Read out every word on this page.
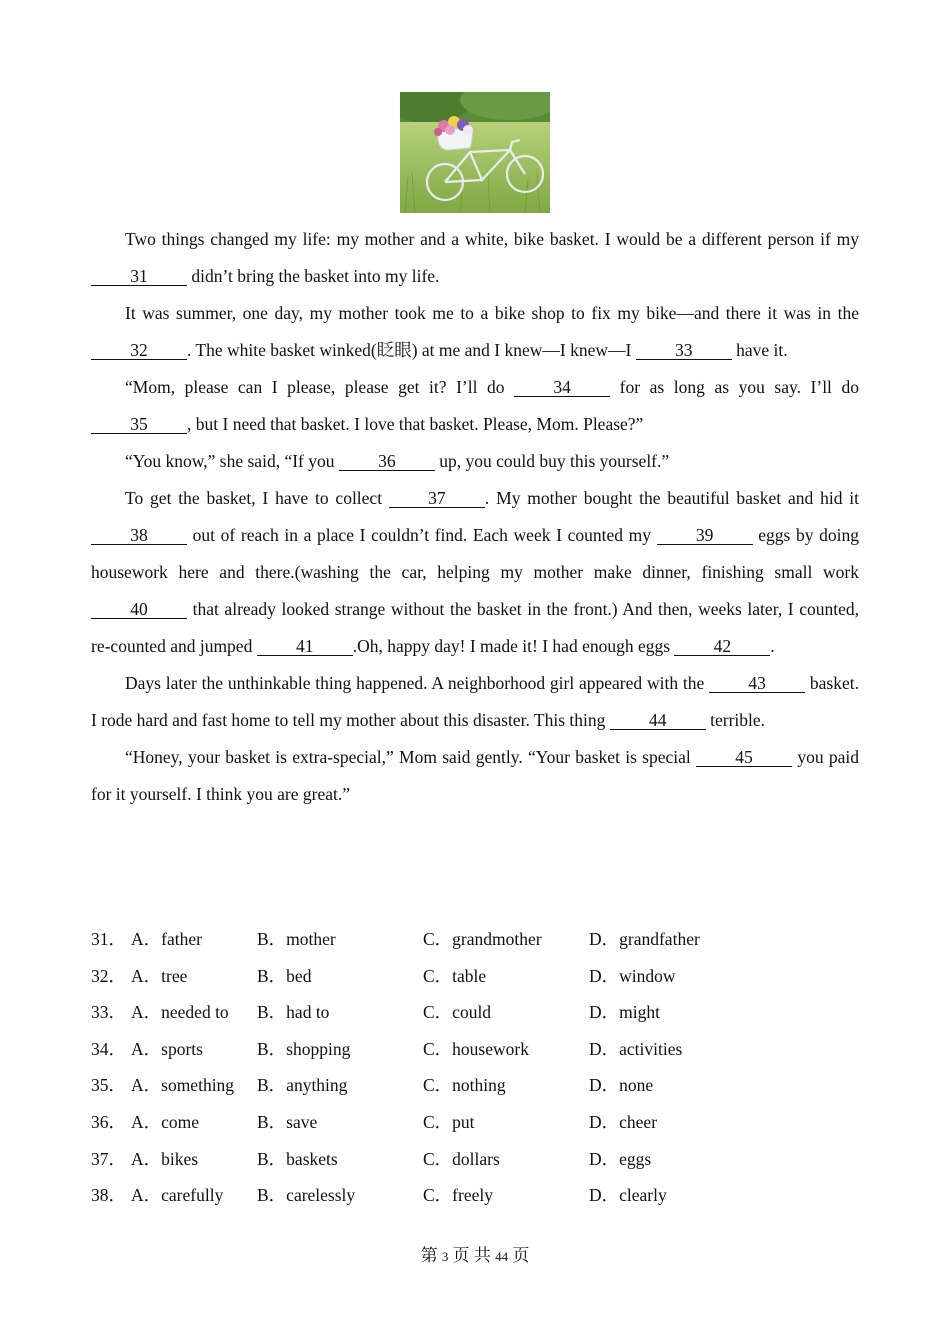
Two things changed my life: my mother and a white, bike basket. I would be a different person if my 31 didn’t bring the basket into my life.

It was summer, one day, my mother took me to a bike shop to fix my bike—and there it was in the 32 . The white basket winked(眨眼) at me and I knew—I knew—I 33 have it.

“Mom, please can I please, please get it? I’ll do 34 for as long as you say. I’ll do35 , but I need that basket. I love that basket. Please, Mom. Please?”

“You know,” she said, “If you 36 up, you could buy this yourself.”

To get the basket, I have to collect 37 . My mother bought the beautiful basket and hid it 38 out of reach in a place I couldn’t find. Each week I counted my 39 eggs by doing housework here and there.(washing the car, helping my mother make dinner, finishing small work 40 that already looked strange without the basket in the front.) And then, weeks later, I counted, re-counted and jumped 41 .Oh, happy day! I made it! I had enough eggs 42 .

Days later the unthinkable thing happened. A neighborhood girl appeared with the 43 basket. I rode hard and fast home to tell my mother about this disaster. This thing 44 terrible.

“Honey, your basket is extra-special,” Mom said gently. “Your basket is special 45 you paid for it yourself. I think you are great.”

31． A．father	B．mother	C．grandmother	D．grandfather
32． A．tree	B．bed	C．table	D．window
33． A．needed to B．had to	C．could	D．might
34． A．sports	B．shopping	C．housework	D．activities
35． A．something B．anything	C．nothing	D．none
36． A．come	B．save	C．put	D．cheer
37． A．bikes	B．baskets	C．dollars	D．eggs
38． A．carefully B．carelessly	C．freely	D．clearly
第 3 页 共 44 页
